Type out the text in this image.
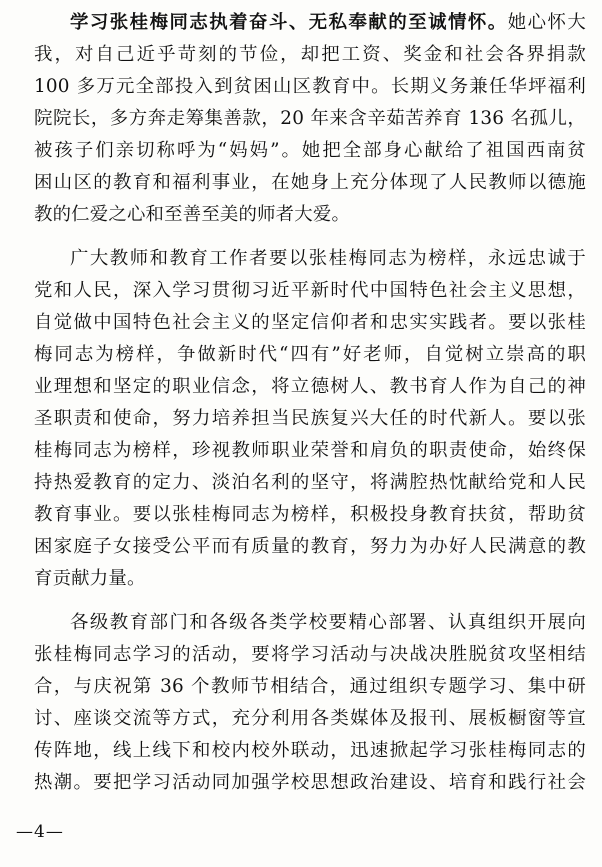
学习张桂梅同志执着奋斗、无私奉献的至诚情怀。她心怀大
我，对自己近乎苛刻的节俭，却把工资、奖金和社会各界捐款
100 多万元全部投入到贫困山区教育中。长期义务兼任华坪福利
院院长，多方奔走筹集善款，20 年来含辛茹苦养育 136 名孤儿，
被孩子们亲切称呼为“妈妈”。她把全部身心献给了祖国西南贫
困山区的教育和福利事业，在她身上充分体现了人民教师以德施
教的仁爱之心和至善至美的师者大爱。
广大教师和教育工作者要以张桂梅同志为榜样，永远忠诚于
党和人民，深入学习贯彻习近平新时代中国特色社会主义思想，
自觉做中国特色社会主义的坚定信仰者和忠实实践者。要以张桂
梅同志为榜样，争做新时代“四有”好老师，自觉树立崇高的职
业理想和坚定的职业信念，将立德树人、教书育人作为自己的神
圣职责和使命，努力培养担当民族复兴大任的时代新人。要以张
桂梅同志为榜样，珍视教师职业荣誉和肩负的职责使命，始终保
持热爱教育的定力、淡泊名利的坚守，将满腔热忱献给党和人民
教育事业。要以张桂梅同志为榜样，积极投身教育扶贫，帮助贫
困家庭子女接受公平而有质量的教育，努力为办好人民满意的教
育贡献力量。
各级教育部门和各级各类学校要精心部署、认真组织开展向
张桂梅同志学习的活动，要将学习活动与决战决胜脱贫攻坚相结
合，与庆祝第 36 个教师节相结合，通过组织专题学习、集中研
讨、座谈交流等方式，充分利用各类媒体及报刊、展板橱窗等宣
传阵地，线上线下和校内校外联动，迅速掀起学习张桂梅同志的
热潮。要把学习活动同加强学校思想政治建设、培育和践行社会
—4—
